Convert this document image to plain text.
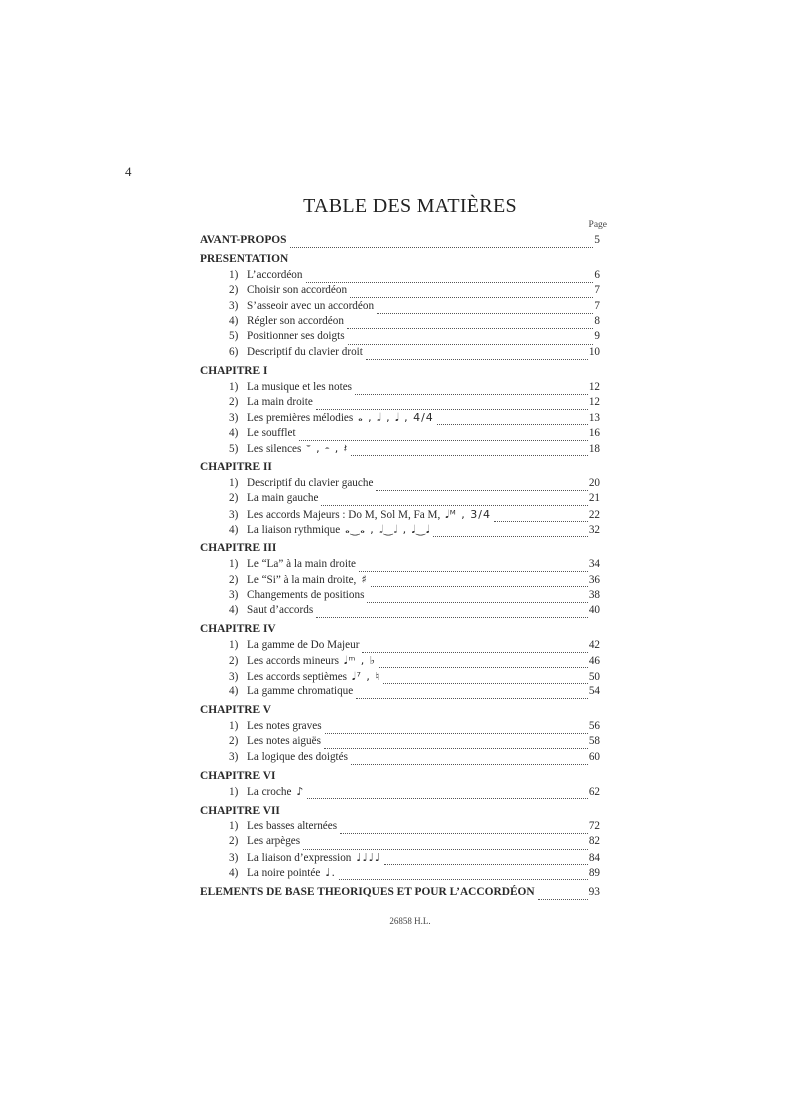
4
TABLE DES MATIÈRES
Page
AVANT-PROPOS	5
PRESENTATION
1) L’accordéon	6
2) Choisir son accordéon	7
3) S’asseoir avec un accordéon	7
4) Régler son accordéon	8
5) Positionner ses doigts	9
6) Descriptif du clavier droit	10
CHAPITRE I
1) La musique et les notes	12
2) La main droite	12
3) Les premières mélodies 𝅝 , 𝅗𝅥 , 𝅘𝅥 , 4/4	13
4) Le soufflet	16
5) Les silences 𝄻 , 𝄼 , 𝄽	18
CHAPITRE II
1) Descriptif du clavier gauche	20
2) La main gauche	21
3) Les accords Majeurs : Do M, Sol M, Fa M, 𝅘𝅥ᴹ , 3/4	22
4) La liaison rythmique 𝅝‿𝅝 , 𝅗𝅥‿𝅗𝅥 , 𝅘𝅥‿𝅘𝅥	32
CHAPITRE III
1) Le “La” à la main droite	34
2) Le “Si” à la main droite, ♯	36
3) Changements de positions	38
4) Saut d’accords	40
CHAPITRE IV
1) La gamme de Do Majeur	42
2) Les accords mineurs 𝅘𝅥ᵐ , ♭	46
3) Les accords septièmes 𝅘𝅥⁷ , ♮	50
4) La gamme chromatique	54
CHAPITRE V
1) Les notes graves	56
2) Les notes aiguës	58
3) La logique des doigtés	60
CHAPITRE VI
1) La croche ♪	62
CHAPITRE VII
1) Les basses alternées	72
2) Les arpèges	82
3) La liaison d’expression ♩♩♩♩	84
4) La noire pointée ♩.	89
ELEMENTS DE BASE THEORIQUES ET POUR L’ACCORDÉON	93
26858 H.L.
